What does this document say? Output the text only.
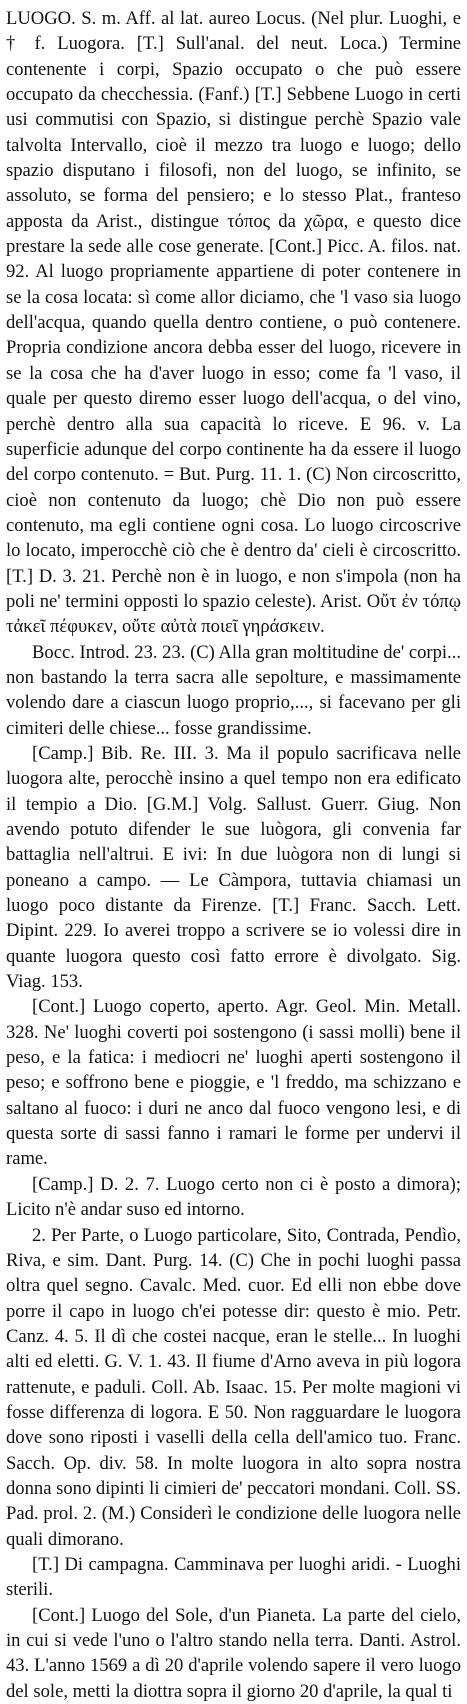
LUOGO. S. m. Aff. al lat. aureo Locus. (Nel plur. Luoghi, e † f. Luogora. [T.] Sull'anal. del neut. Loca.) Termine contenente i corpi, Spazio occupato o che può essere occupato da checchessia. (Fanf.) [T.] Sebbene Luogo in certi usi commutisi con Spazio, si distingue perchè Spazio vale talvolta Intervallo, cioè il mezzo tra luogo e luogo; dello spazio disputano i filosofi, non del luogo, se infinito, se assoluto, se forma del pensiero; e lo stesso Plat., franteso apposta da Arist., distingue τόπος da χῶρα, e questo dice prestare la sede alle cose generate. [Cont.] Picc. A. filos. nat. 92. Al luogo propriamente appartiene di poter contenere in se la cosa locata: sì come allor diciamo, che 'l vaso sia luogo dell'acqua, quando quella dentro contiene, o può contenere. Propria condizione ancora debba esser del luogo, ricevere in se la cosa che ha d'aver luogo in esso; come fa 'l vaso, il quale per questo diremo esser luogo dell'acqua, o del vino, perchè dentro alla sua capacità lo riceve. E 96. v. La superficie adunque del corpo continente ha da essere il luogo del corpo contenuto. = But. Purg. 11. 1. (C) Non circoscritto, cioè non contenuto da luogo; chè Dio non può essere contenuto, ma egli contiene ogni cosa. Lo luogo circoscrive lo locato, imperocchè ciò che è dentro da' cieli è circoscritto. [T.] D. 3. 21. Perchè non è in luogo, e non s'impola (non ha poli ne' termini opposti lo spazio celeste). Arist. Οὔτ ἐν τόπῳ τἀκεῖ πέφυκεν, οὔτε αὐτὰ ποιεῖ γηράσκειν.

Bocc. Introd. 23. 23. (C) Alla gran moltitudine de' corpi... non bastando la terra sacra alle sepolture, e massimamente volendo dare a ciascun luogo proprio,..., si facevano per gli cimiteri delle chiese... fosse grandissime.

[Camp.] Bib. Re. III. 3. Ma il populo sacrificava nelle luogora alte, perocchè insino a quel tempo non era edificato il tempio a Dio. [G.M.] Volg. Sallust. Guerr. Giug. Non avendo potuto difender le sue luògora, gli convenia far battaglia nell'altrui. E ivi: In due luògora non di lungi si poneano a campo. — Le Càmpora, tuttavia chiamasi un luogo poco distante da Firenze. [T.] Franc. Sacch. Lett. Dipint. 229. Io averei troppo a scrivere se io volessi dire in quante luogora questo così fatto errore è divolgato. Sig. Viag. 153.

[Cont.] Luogo coperto, aperto. Agr. Geol. Min. Metall. 328. Ne' luoghi coverti poi sostengono (i sassi molli) bene il peso, e la fatica: i mediocri ne' luoghi aperti sostengono il peso; e soffrono bene e pioggie, e 'l freddo, ma schizzano e saltano al fuoco: i duri ne anco dal fuoco vengono lesi, e di questa sorte di sassi fanno i ramari le forme per undervi il rame.

[Camp.] D. 2. 7. Luogo certo non ci è posto a dimora); Licito n'è andar suso ed intorno.

2. Per Parte, o Luogo particolare, Sito, Contrada, Pendìo, Riva, e sim. Dant. Purg. 14. (C) Che in pochi luoghi passa oltra quel segno. Cavalc. Med. cuor. Ed elli non ebbe dove porre il capo in luogo ch'ei potesse dir: questo è mio. Petr. Canz. 4. 5. Il dì che costei nacque, eran le stelle... In luoghi alti ed eletti. G. V. 1. 43. Il fiume d'Arno aveva in più logora rattenute, e paduli. Coll. Ab. Isaac. 15. Per molte magioni vi fosse differenza di logora. E 50. Non ragguardare le luogora dove sono riposti i vaselli della cella dell'amico tuo. Franc. Sacch. Op. div. 58. In molte luogora in alto sopra nostra donna sono dipinti li cimieri de' peccatori mondani. Coll. SS. Pad. prol. 2. (M.) Considerì le condizione delle luogora nelle quali dimorano.

[T.] Di campagna. Camminava per luoghi aridi. - Luoghi sterili.

[Cont.] Luogo del Sole, d'un Pianeta. La parte del cielo, in cui si vede l'uno o l'altro stando nella terra. Danti. Astrol. 43. L'anno 1569 a dì 20 d'aprile volendo sapere il vero luogo del sole, metti la diottra sopra il giorno 20 d'aprile, la qual ti
